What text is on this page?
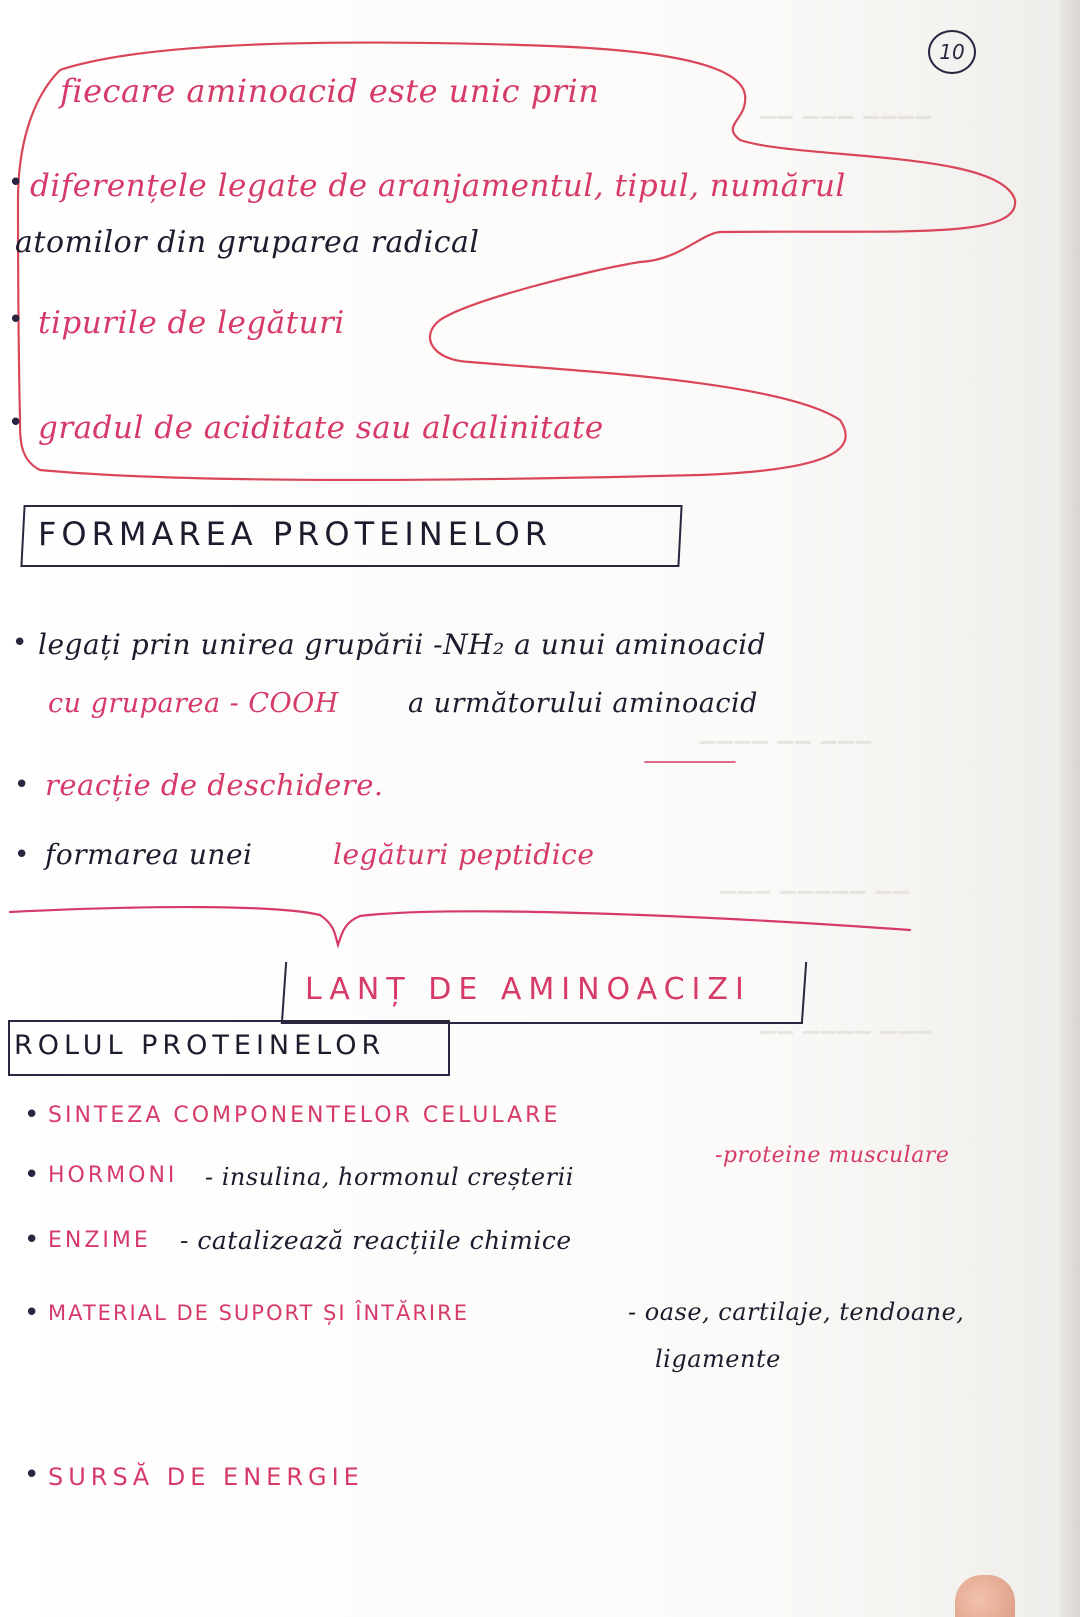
▁▁ ▁▁▁ ▁▁▁▁
▁▁▁▁ ▁▁ ▁▁▁
▁▁▁ ▁▁▁▁▁ ▁▁
▁▁ ▁▁▁▁ ▁▁▁
10
fiecare aminoacid este unic prin
• diferențele legate de aranjamentul, tipul, numărul
atomilor din gruparea radical
• tipurile de legături
• gradul de aciditate sau alcalinitate
FORMAREA PROTEINELOR
• legați prin unirea grupării -NH₂ a unui aminoacid
cu gruparea - COOH	a următorului aminoacid
• reacție de deschidere.
• formarea unei	legături peptidice
LANȚ DE AMINOACIZI
ROLUL PROTEINELOR
• SINTEZA COMPONENTELOR CELULARE
-proteine musculare
• HORMONI - insulina, hormonul creșterii
• ENZIME - catalizează reacțiile chimice
• MATERIAL DE SUPORT ȘI ÎNTĂRIRE	- oase, cartilaje, tendoane,
ligamente
• SURSĂ DE ENERGIE
